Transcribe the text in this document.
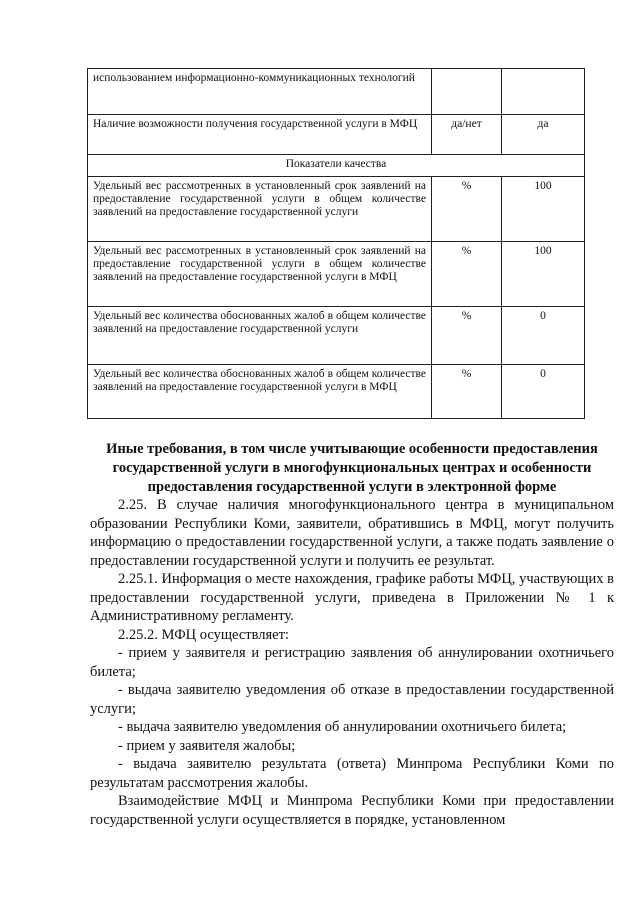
использованием информационно-коммуникационных технологий		
Наличие возможности получения государственной услуги в МФЦ	да/нет	да
Показатели качества		
Удельный вес рассмотренных в установленный срок заявлений на предоставление государственной услуги в общем количестве заявлений на предоставление государственной услуги	%	100
Удельный вес рассмотренных в установленный срок заявлений на предоставление государственной услуги в общем количестве заявлений на предоставление государственной услуги в МФЦ	%	100
Удельный вес количества обоснованных жалоб в общем количестве заявлений на предоставление государственной услуги	%	0
Удельный вес количества обоснованных жалоб в общем количестве заявлений на предоставление государственной услуги в МФЦ	%	0
Иные требования, в том числе учитывающие особенности предоставления государственной услуги в многофункциональных центрах и особенности предоставления государственной услуги в электронной форме

2.25. В случае наличия многофункционального центра в муниципальном образовании Республики Коми, заявители, обратившись в МФЦ, могут получить информацию о предоставлении государственной услуги, а также подать заявление о предоставлении государственной услуги и получить ее результат.

2.25.1. Информация о месте нахождения, графике работы МФЦ, участвующих в предоставлении государственной услуги, приведена в Приложении № 1 к Административному регламенту.

2.25.2. МФЦ осуществляет:

- прием у заявителя и регистрацию заявления об аннулировании охотничьего билета;

- выдача заявителю уведомления об отказе в предоставлении государственной услуги;

- выдача заявителю уведомления об аннулировании охотничьего билета;

- прием у заявителя жалобы;

- выдача заявителю результата (ответа) Минпрома Республики Коми по результатам рассмотрения жалобы.

Взаимодействие МФЦ и Минпрома Республики Коми при предоставлении государственной услуги осуществляется в порядке, установленном
